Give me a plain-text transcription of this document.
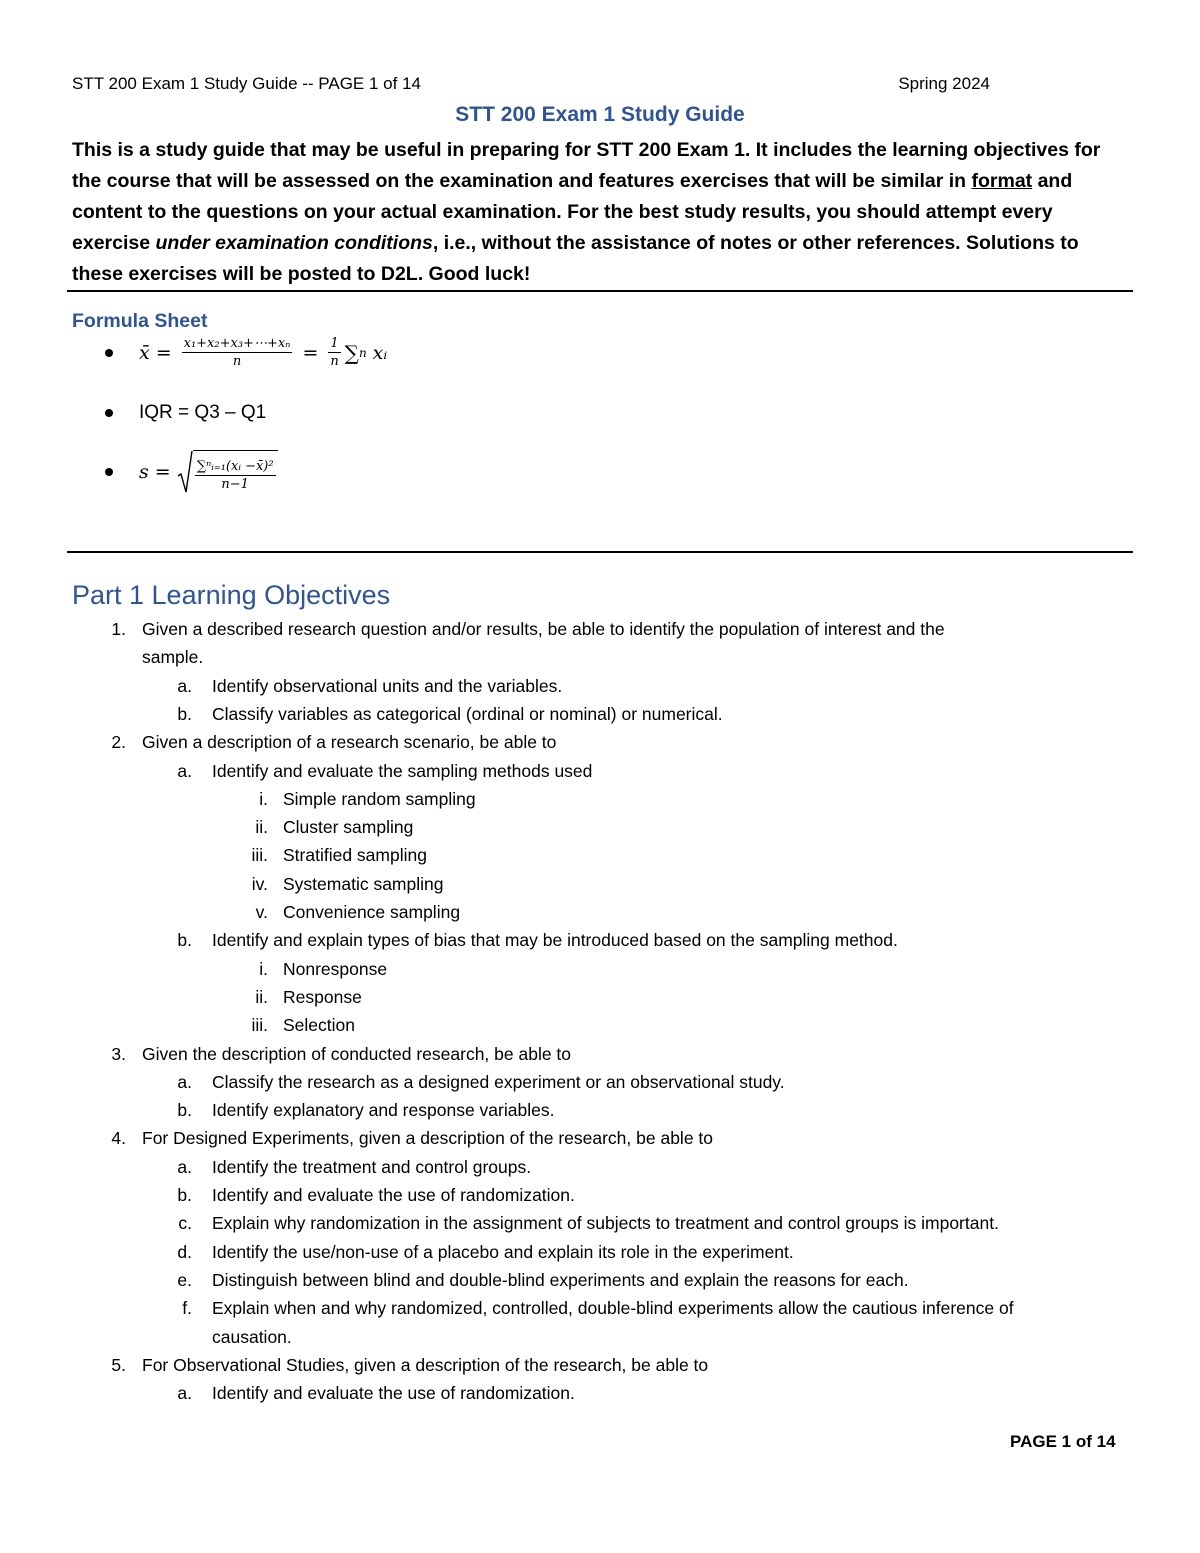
STT 200 Exam 1 Study Guide -- PAGE 1 of 14	Spring 2024
STT 200 Exam 1 Study Guide
This is a study guide that may be useful in preparing for STT 200 Exam 1. It includes the learning objectives for the course that will be assessed on the examination and features exercises that will be similar in format and content to the questions on your actual examination. For the best study results, you should attempt every exercise under examination conditions, i.e., without the assistance of notes or other references. Solutions to these exercises will be posted to D2L. Good luck!
Formula Sheet
x̄ = $\frac{\text{x₁+x₂+x₃+⋯+xₙ}}{n} = \frac{1}{n}$ ∑ n xᵢ
IQR = Q3 – Q1
$s = \frac{\text{∑ⁿᵢ₌₁(xᵢ −x̄)²}}{n-1}$
Part 1 Learning Objectives
1. Given a described research question and/or results, be able to identify the population of interest and the
sample.
a. Identify observational units and the variables.
b. Classify variables as categorical (ordinal or nominal) or numerical.
2. Given a description of a research scenario, be able to
a. Identify and evaluate the sampling methods used
i. Simple random sampling
ii. Cluster sampling
iii. Stratified sampling
iv. Systematic sampling
v. Convenience sampling
b. Identify and explain types of bias that may be introduced based on the sampling method.
i. Nonresponse
ii. Response
iii. Selection
3. Given the description of conducted research, be able to
a. Classify the research as a designed experiment or an observational study.
b. Identify explanatory and response variables.
4. For Designed Experiments, given a description of the research, be able to
a. Identify the treatment and control groups.
b. Identify and evaluate the use of randomization.
c. Explain why randomization in the assignment of subjects to treatment and control groups is important.
d. Identify the use/non-use of a placebo and explain its role in the experiment.
e. Distinguish between blind and double-blind experiments and explain the reasons for each.
f. Explain when and why randomized, controlled, double-blind experiments allow the cautious inference of
causation.
5. For Observational Studies, given a description of the research, be able to
a. Identify and evaluate the use of randomization.
PAGE 1 of 14
